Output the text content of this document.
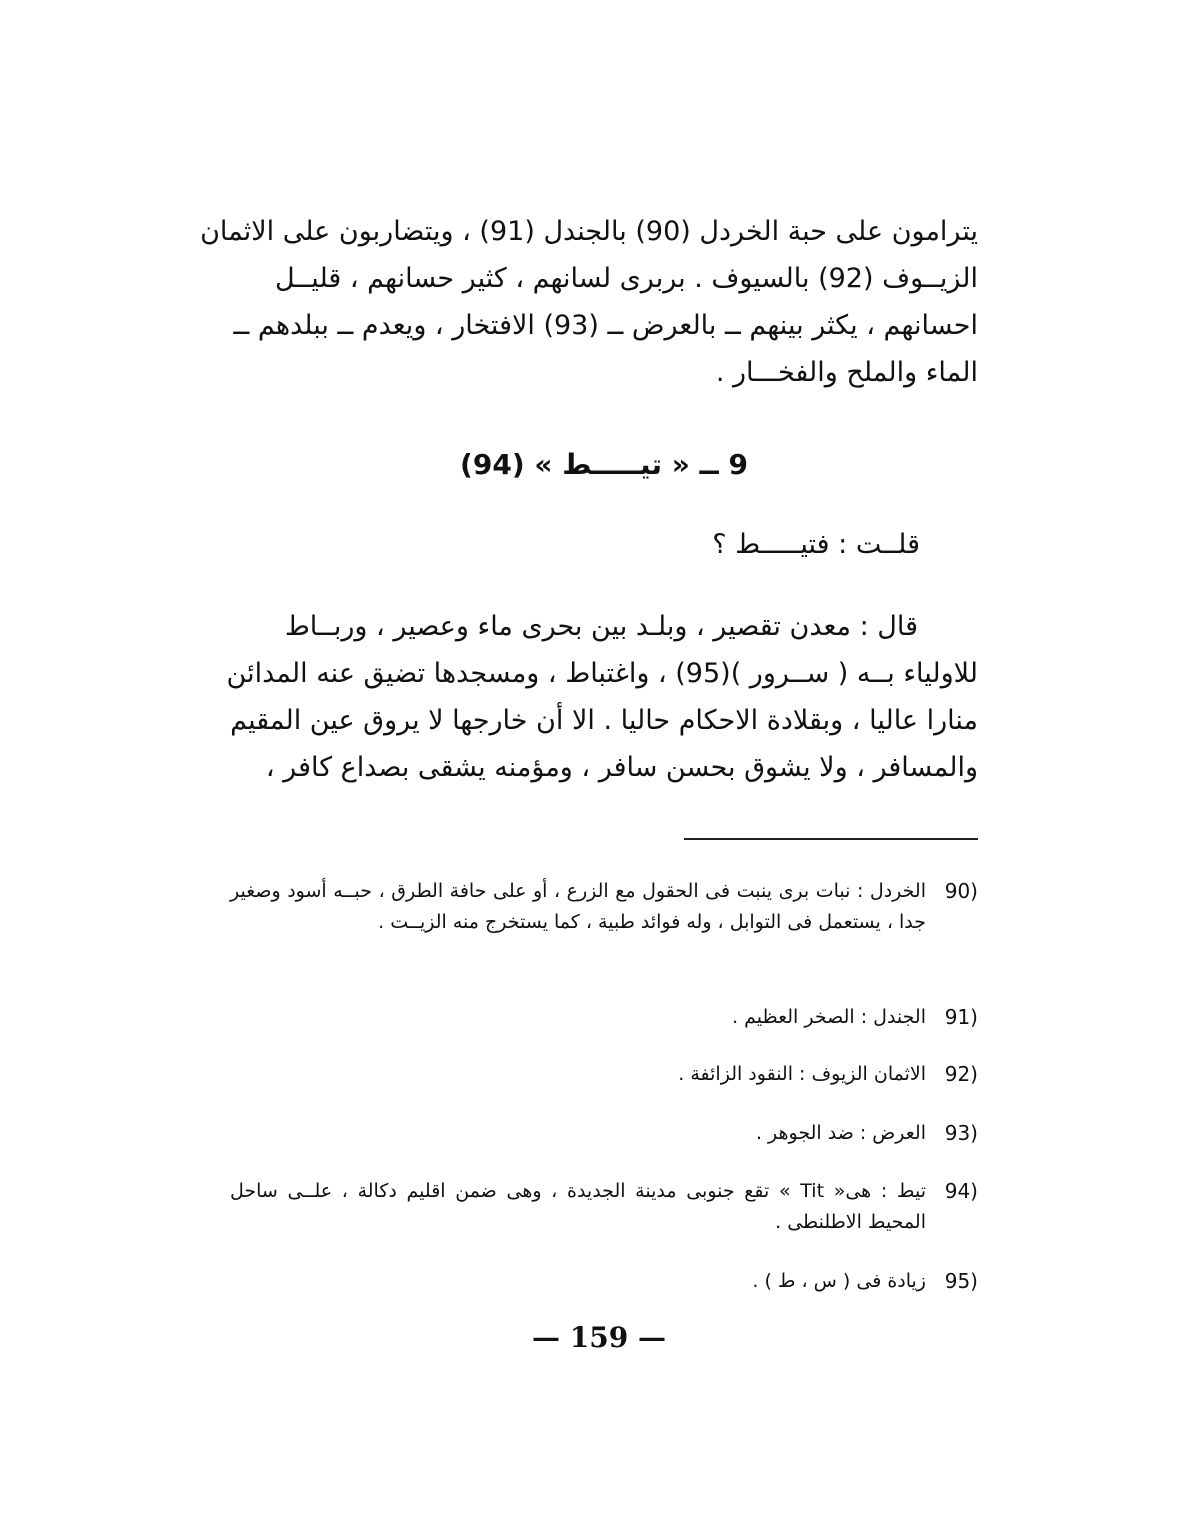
يترامون على حبة الخردل (90) بالجندل (91) ، ويتضاربون على الاثمان
الزيــوف (92) بالسيوف . بربرى لسانهم ، كثير حسانهم ، قليــل
احسانهم ، يكثر بينهم ــ بالعرض ــ (93) الافتخار ، ويعدم ــ ببلدهم ــ
الماء والملح والفخـــار .
9 ــ « تيـــــط » (94)
قلــت : فتيـــــط ؟
قال : معدن تقصير ، وبلـد بين بحرى ماء وعصير ، وربــاط
للاولياء بــه ( ســرور )(95) ، واغتباط ، ومسجدها تضيق عنه المدائن
منارا عاليا ، وبقلادة الاحكام حاليا . الا أن خارجها لا يروق عين المقيم
والمسافر ، ولا يشوق بحسن سافر ، ومؤمنه يشقى بصداع كافر ،
90)
الخردل : نبات برى ينبت فى الحقول مع الزرع ، أو على حافة الطرق ، حبــه أسود وصغير جدا ، يستعمل فى التوابل ، وله فوائد طبية ، كما يستخرج منه الزيــت .
91)
الجندل : الصخر العظيم .
92)
الاثمان الزيوف : النقود الزائفة .
93)
العرض : ضد الجوهر .
94)
تيط : هى« Tit » تقع جنوبى مدينة الجديدة ، وهى ضمن اقليم دكالة ، علــى ساحل المحيط الاطلنطى .
95)
زيادة فى ( س ، ط ) .
— 159 —
